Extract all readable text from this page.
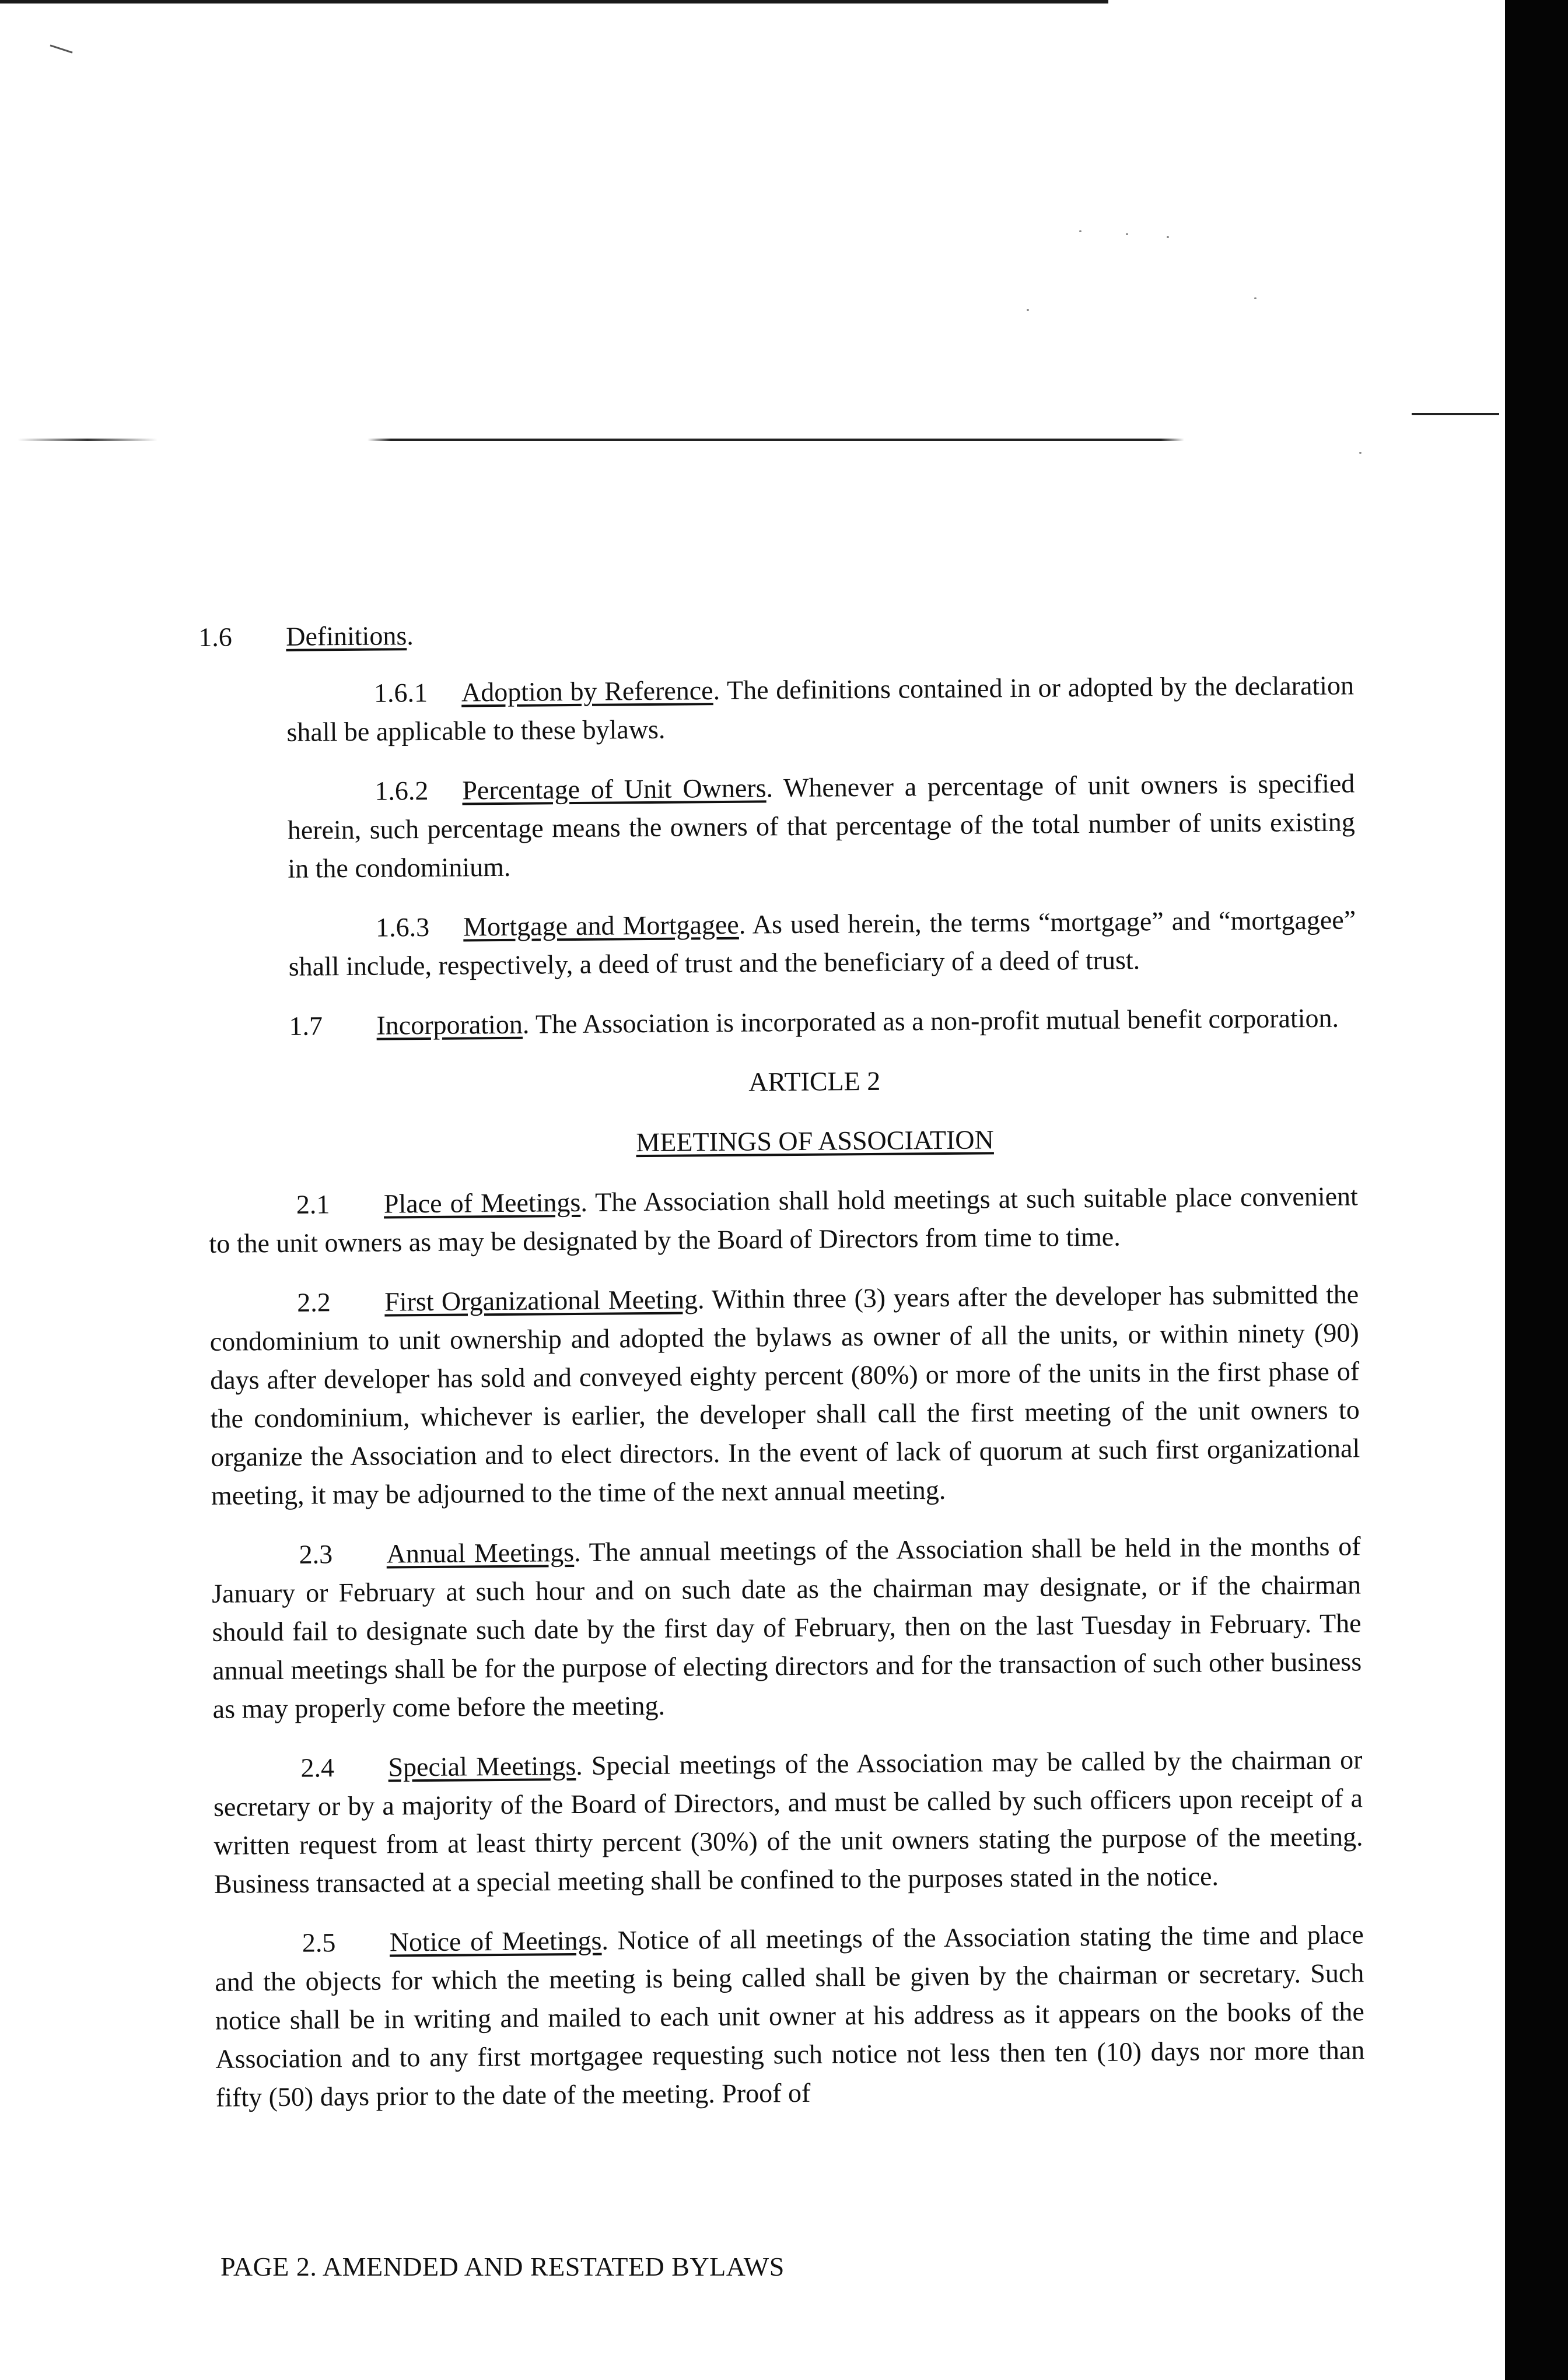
1.6 Definitions.

1.6.1 Adoption by Reference. The definitions contained in or adopted by the declaration shall be applicable to these bylaws.

1.6.2 Percentage of Unit Owners. Whenever a percentage of unit owners is specified herein, such percentage means the owners of that percentage of the total number of units existing in the condominium.

1.6.3 Mortgage and Mortgagee. As used herein, the terms “mortgage” and “mortgagee” shall include, respectively, a deed of trust and the beneficiary of a deed of trust.

1.7 Incorporation. The Association is incorporated as a non-profit mutual benefit corporation.

ARTICLE 2

MEETINGS OF ASSOCIATION

2.1 Place of Meetings. The Association shall hold meetings at such suitable place convenient to the unit owners as may be designated by the Board of Directors from time to time.

2.2 First Organizational Meeting. Within three (3) years after the developer has submitted the condominium to unit ownership and adopted the bylaws as owner of all the units, or within ninety (90) days after developer has sold and conveyed eighty percent (80%) or more of the units in the first phase of the condominium, whichever is earlier, the developer shall call the first meeting of the unit owners to organize the Association and to elect directors. In the event of lack of quorum at such first organizational meeting, it may be adjourned to the time of the next annual meeting.

2.3 Annual Meetings. The annual meetings of the Association shall be held in the months of January or February at such hour and on such date as the chairman may designate, or if the chairman should fail to designate such date by the first day of February, then on the last Tuesday in February. The annual meetings shall be for the purpose of electing directors and for the transaction of such other business as may properly come before the meeting.

2.4 Special Meetings. Special meetings of the Association may be called by the chairman or secretary or by a majority of the Board of Directors, and must be called by such officers upon receipt of a written request from at least thirty percent (30%) of the unit owners stating the purpose of the meeting. Business transacted at a special meeting shall be confined to the purposes stated in the notice.

2.5 Notice of Meetings. Notice of all meetings of the Association stating the time and place and the objects for which the meeting is being called shall be given by the chairman or secretary. Such notice shall be in writing and mailed to each unit owner at his address as it appears on the books of the Association and to any first mortgagee requesting such notice not less then ten (10) days nor more than fifty (50) days prior to the date of the meeting. Proof of

PAGE 2. AMENDED AND RESTATED BYLAWS
